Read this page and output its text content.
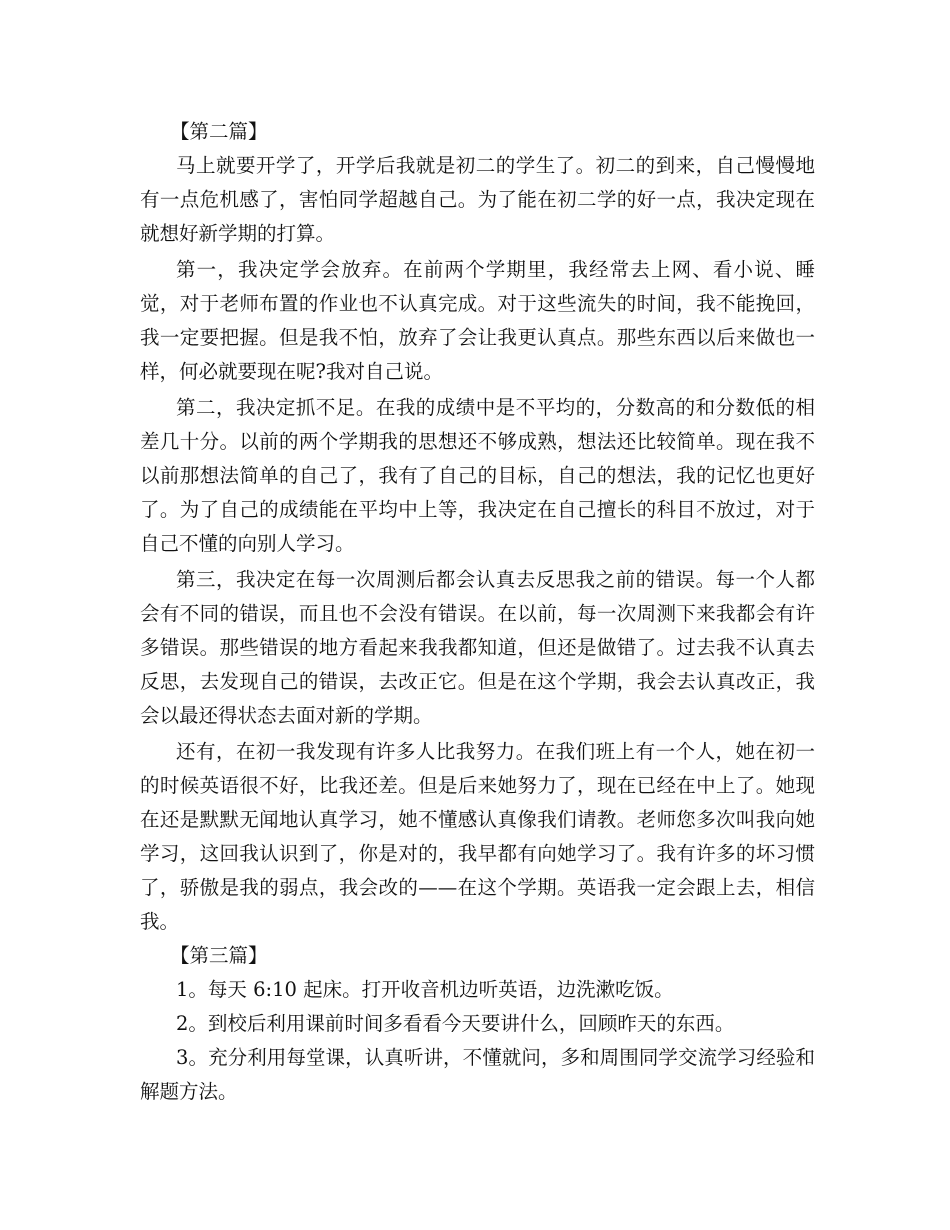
【第二篇】

马上就要开学了，开学后我就是初二的学生了。初二的到来，自己慢慢地有一点危机感了，害怕同学超越自己。为了能在初二学的好一点，我决定现在就想好新学期的打算。

第一，我决定学会放弃。在前两个学期里，我经常去上网、看小说、睡觉，对于老师布置的作业也不认真完成。对于这些流失的时间，我不能挽回，我一定要把握。但是我不怕，放弃了会让我更认真点。那些东西以后来做也一样，何必就要现在呢?我对自己说。

第二，我决定抓不足。在我的成绩中是不平均的，分数高的和分数低的相差几十分。以前的两个学期我的思想还不够成熟，想法还比较简单。现在我不以前那想法简单的自己了，我有了自己的目标，自己的想法，我的记忆也更好了。为了自己的成绩能在平均中上等，我决定在自己擅长的科目不放过，对于自己不懂的向别人学习。

第三，我决定在每一次周测后都会认真去反思我之前的错误。每一个人都会有不同的错误，而且也不会没有错误。在以前，每一次周测下来我都会有许多错误。那些错误的地方看起来我我都知道，但还是做错了。过去我不认真去反思，去发现自己的错误，去改正它。但是在这个学期，我会去认真改正，我会以最还得状态去面对新的学期。

还有，在初一我发现有许多人比我努力。在我们班上有一个人，她在初一的时候英语很不好，比我还差。但是后来她努力了，现在已经在中上了。她现在还是默默无闻地认真学习，她不懂感认真像我们请教。老师您多次叫我向她学习，这回我认识到了，你是对的，我早都有向她学习了。我有许多的坏习惯了，骄傲是我的弱点，我会改的——在这个学期。英语我一定会跟上去，相信我。

【第三篇】

1。每天 6:10 起床。打开收音机边听英语，边洗漱吃饭。

2。到校后利用课前时间多看看今天要讲什么，回顾昨天的东西。

3。充分利用每堂课，认真听讲，不懂就问，多和周围同学交流学习经验和解题方法。
